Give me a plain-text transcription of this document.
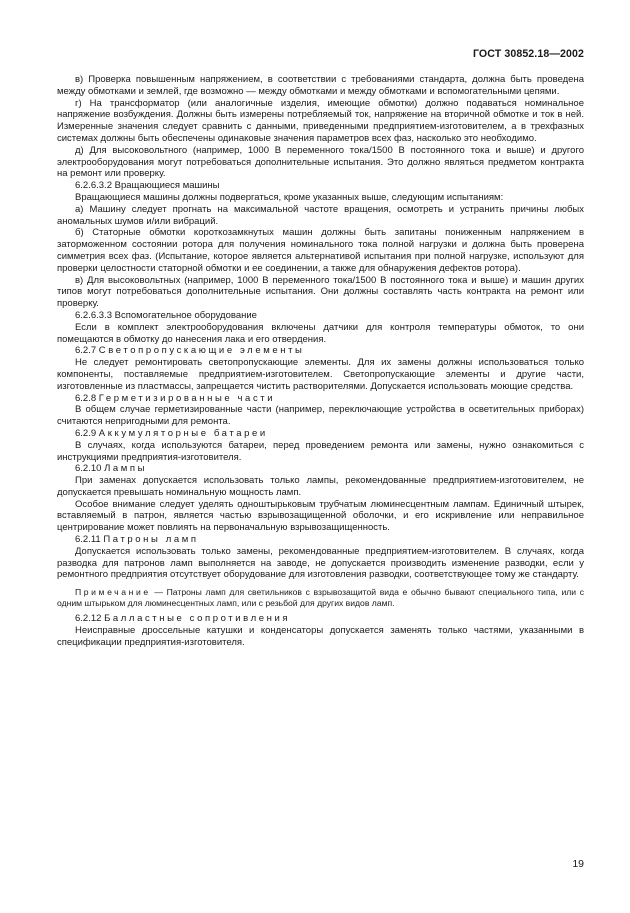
ГОСТ 30852.18—2002

в) Проверка повышенным напряжением, в соответствии с требованиями стандарта, должна быть проведена между обмотками и землей, где возможно — между обмотками и между обмотками и вспомогательными цепями.

г) На трансформатор (или аналогичные изделия, имеющие обмотки) должно подаваться номинальное напряжение возбуждения. Должны быть измерены потребляемый ток, напряжение на вторичной обмотке и ток в ней. Измеренные значения следует сравнить с данными, приведенными предприятием-изготовителем, а в трехфазных системах должны быть обеспечены одинаковые значения параметров всех фаз, насколько это необходимо.

д) Для высоковольтного (например, 1000 В переменного тока/1500 В постоянного тока и выше) и другого электрооборудования могут потребоваться дополнительные испытания. Это должно являться предметом контракта на ремонт или проверку.

6.2.6.3.2 Вращающиеся машины

Вращающиеся машины должны подвергаться, кроме указанных выше, следующим испытаниям:

а) Машину следует прогнать на максимальной частоте вращения, осмотреть и устранить причины любых аномальных шумов и/или вибраций.

б) Статорные обмотки короткозамкнутых машин должны быть запитаны пониженным напряжением в заторможенном состоянии ротора для получения номинального тока полной нагрузки и должна быть проверена симметрия всех фаз. (Испытание, которое является альтернативой испытания при полной нагрузке, используют для проверки целостности статорной обмотки и ее соединении, а также для обнаружения дефектов ротора).

в) Для высоковольтных (например, 1000 В переменного тока/1500 В постоянного тока и выше) и машин других типов могут потребоваться дополнительные испытания. Они должны составлять часть контракта на ремонт или проверку.

6.2.6.3.3 Вспомогательное оборудование

Если в комплект электрооборудования включены датчики для контроля температуры обмоток, то они помещаются в обмотку до нанесения лака и его отвердения.

6.2.7 Светопропускающие элементы

Не следует ремонтировать светопропускающие элементы. Для их замены должны использоваться только компоненты, поставляемые предприятием-изготовителем. Светопропускающие элементы и другие части, изготовленные из пластмассы, запрещается чистить растворителями. Допускается использовать моющие средства.

6.2.8 Герметизированные части

В общем случае герметизированные части (например, переключающие устройства в осветительных приборах) считаются непригодными для ремонта.

6.2.9 Аккумуляторные батареи

В случаях, когда используются батареи, перед проведением ремонта или замены, нужно ознакомиться с инструкциями предприятия-изготовителя.

6.2.10 Лампы

При заменах допускается использовать только лампы, рекомендованные предприятием-изготовителем, не допускается превышать номинальную мощность ламп.

Особое внимание следует уделять одноштырьковым трубчатым люминесцентным лампам. Единичный штырек, вставляемый в патрон, является частью взрывозащищенной оболочки, и его искривление или неправильное центрирование может повлиять на первоначальную взрывозащищенность.

6.2.11 Патроны ламп

Допускается использовать только замены, рекомендованные предприятием-изготовителем. В случаях, когда разводка для патронов ламп выполняется на заводе, не допускается производить изменение разводки, если у ремонтного предприятия отсутствует оборудование для изготовления разводки, соответствующее тому же стандарту.

Примечание — Патроны ламп для светильников с взрывозащитой вида е обычно бывают специального типа, или с одним штырьком для люминесцентных ламп, или с резьбой для других видов ламп.

6.2.12 Балластные сопротивления

Неисправные дроссельные катушки и конденсаторы допускается заменять только частями, указанными в спецификации предприятия-изготовителя.

19
